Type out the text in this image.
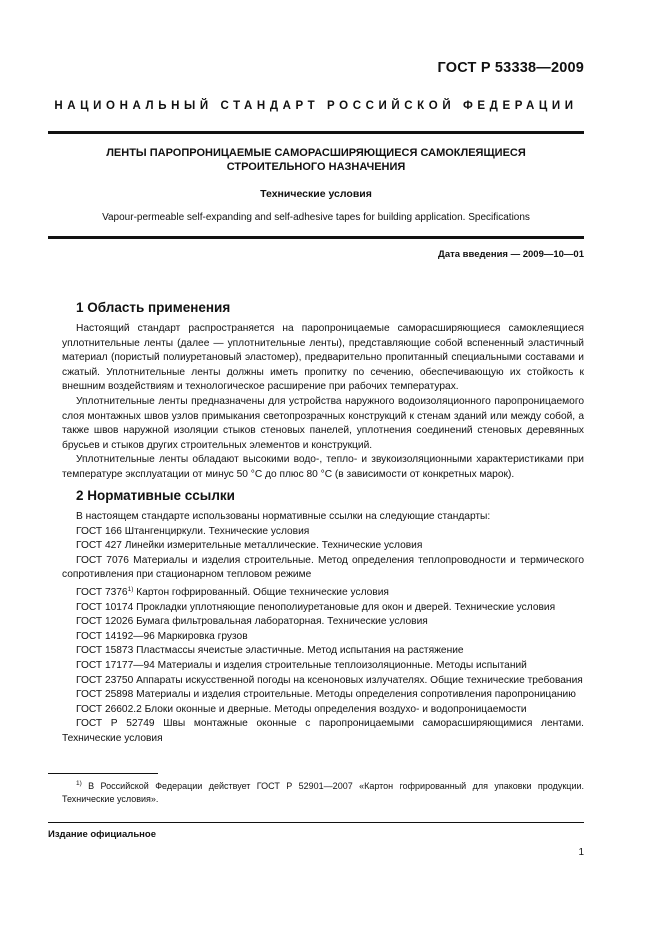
ГОСТ Р 53338—2009
НАЦИОНАЛЬНЫЙ СТАНДАРТ РОССИЙСКОЙ ФЕДЕРАЦИИ
ЛЕНТЫ ПАРОПРОНИЦАЕМЫЕ САМОРАСШИРЯЮЩИЕСЯ САМОКЛЕЯЩИЕСЯ
СТРОИТЕЛЬНОГО НАЗНАЧЕНИЯ
Технические условия
Vapour-permeable self-expanding and self-adhesive tapes for building application. Specifications
Дата введения — 2009—10—01
1 Область применения

Настоящий стандарт распространяется на паропроницаемые саморасширяющиеся самоклеящиеся уплотнительные ленты (далее — уплотнительные ленты), представляющие собой вспененный эластичный материал (пористый полиуретановый эластомер), предварительно пропитанный специальными составами и сжатый. Уплотнительные ленты должны иметь пропитку по сечению, обеспечивающую их стойкость к внешним воздействиям и технологическое расширение при рабочих температурах.

Уплотнительные ленты предназначены для устройства наружного водоизоляционного паропроницаемого слоя монтажных швов узлов примыкания светопрозрачных конструкций к стенам зданий или между собой, а также швов наружной изоляции стыков стеновых панелей, уплотнения соединений стеновых деревянных брусьев и стыков других строительных элементов и конструкций.

Уплотнительные ленты обладают высокими водо-, тепло- и звукоизоляционными характеристиками при температуре эксплуатации от минус 50 °С до плюс 80 °С (в зависимости от конкретных марок).

2 Нормативные ссылки
В настоящем стандарте использованы нормативные ссылки на следующие стандарты:
ГОСТ 166 Штангенциркули. Технические условия
ГОСТ 427 Линейки измерительные металлические. Технические условия
ГОСТ 7076 Материалы и изделия строительные. Метод определения теплопроводности и термического сопротивления при стационарном тепловом режиме
ГОСТ 7376$^{1)}$ Картон гофрированный. Общие технические условия
ГОСТ 10174 Прокладки уплотняющие пенополиуретановые для окон и дверей. Технические условия
ГОСТ 12026 Бумага фильтровальная лабораторная. Технические условия
ГОСТ 14192—96 Маркировка грузов
ГОСТ 15873 Пластмассы ячеистые эластичные. Метод испытания на растяжение
ГОСТ 17177—94 Материалы и изделия строительные теплоизоляционные. Методы испытаний
ГОСТ 23750 Аппараты искусственной погоды на ксеноновых излучателях. Общие технические требования
ГОСТ 25898 Материалы и изделия строительные. Методы определения сопротивления паропроницанию
ГОСТ 26602.2 Блоки оконные и дверные. Методы определения воздухо- и водопроницаемости
ГОСТ Р 52749 Швы монтажные оконные с паропроницаемыми саморасширяющимися лентами. Технические условия
$^{1)}$ В Российской Федерации действует ГОСТ Р 52901—2007 «Картон гофрированный для упаковки продукции. Технические условия».
Издание официальное
1
